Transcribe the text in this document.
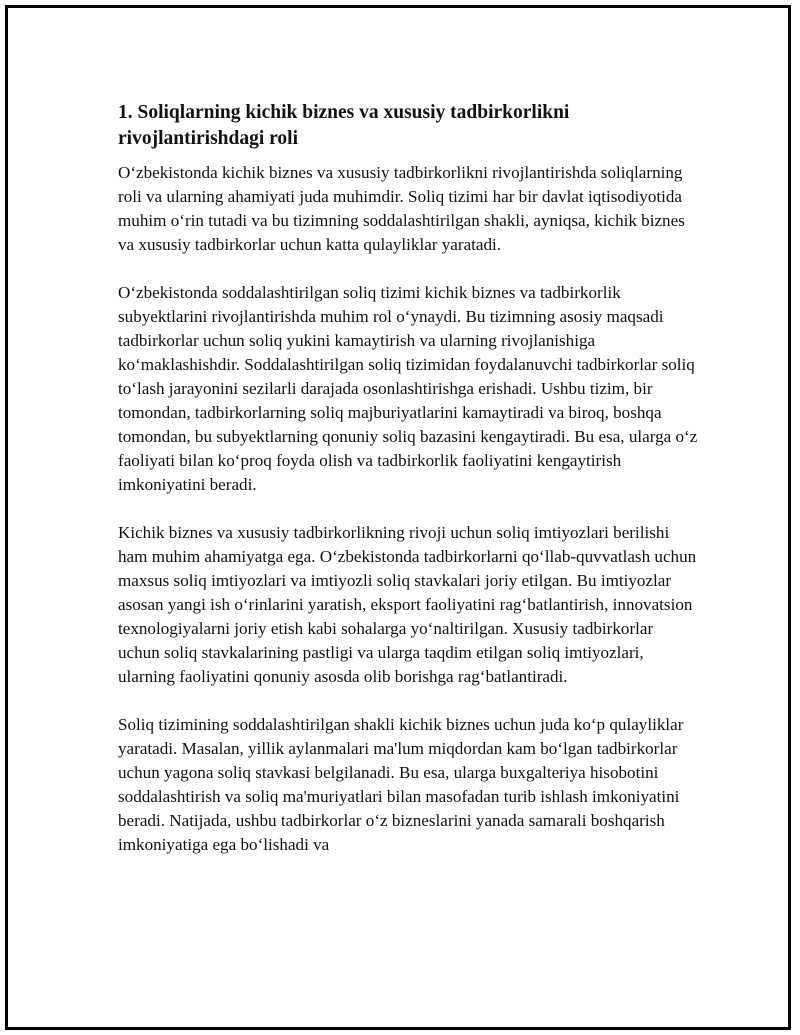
1. Soliqlarning kichik biznes va xususiy tadbirkorlikni rivojlantirishdagi roli

O‘zbekistonda kichik biznes va xususiy tadbirkorlikni rivojlantirishda soliqlarning roli va ularning ahamiyati juda muhimdir. Soliq tizimi har bir davlat iqtisodiyotida muhim o‘rin tutadi va bu tizimning soddalashtirilgan shakli, ayniqsa, kichik biznes va xususiy tadbirkorlar uchun katta qulayliklar yaratadi.

O‘zbekistonda soddalashtirilgan soliq tizimi kichik biznes va tadbirkorlik subyektlarini rivojlantirishda muhim rol o‘ynaydi. Bu tizimning asosiy maqsadi tadbirkorlar uchun soliq yukini kamaytirish va ularning rivojlanishiga ko‘maklashishdir. Soddalashtirilgan soliq tizimidan foydalanuvchi tadbirkorlar soliq to‘lash jarayonini sezilarli darajada osonlashtirishga erishadi. Ushbu tizim, bir tomondan, tadbirkorlarning soliq majburiyatlarini kamaytiradi va biroq, boshqa tomondan, bu subyektlarning qonuniy soliq bazasini kengaytiradi. Bu esa, ularga o‘z faoliyati bilan ko‘proq foyda olish va tadbirkorlik faoliyatini kengaytirish imkoniyatini beradi.

Kichik biznes va xususiy tadbirkorlikning rivoji uchun soliq imtiyozlari berilishi ham muhim ahamiyatga ega. O‘zbekistonda tadbirkorlarni qo‘llab-quvvatlash uchun maxsus soliq imtiyozlari va imtiyozli soliq stavkalari joriy etilgan. Bu imtiyozlar asosan yangi ish o‘rinlarini yaratish, eksport faoliyatini rag‘batlantirish, innovatsion texnologiyalarni joriy etish kabi sohalarga yo‘naltirilgan. Xususiy tadbirkorlar uchun soliq stavkalarining pastligi va ularga taqdim etilgan soliq imtiyozlari, ularning faoliyatini qonuniy asosda olib borishga rag‘batlantiradi.

Soliq tizimining soddalashtirilgan shakli kichik biznes uchun juda ko‘p qulayliklar yaratadi. Masalan, yillik aylanmalari ma'lum miqdordan kam bo‘lgan tadbirkorlar uchun yagona soliq stavkasi belgilanadi. Bu esa, ularga buxgalteriya hisobotini soddalashtirish va soliq ma'muriyatlari bilan masofadan turib ishlash imkoniyatini beradi. Natijada, ushbu tadbirkorlar o‘z bizneslarini yanada samarali boshqarish imkoniyatiga ega bo‘lishadi va
